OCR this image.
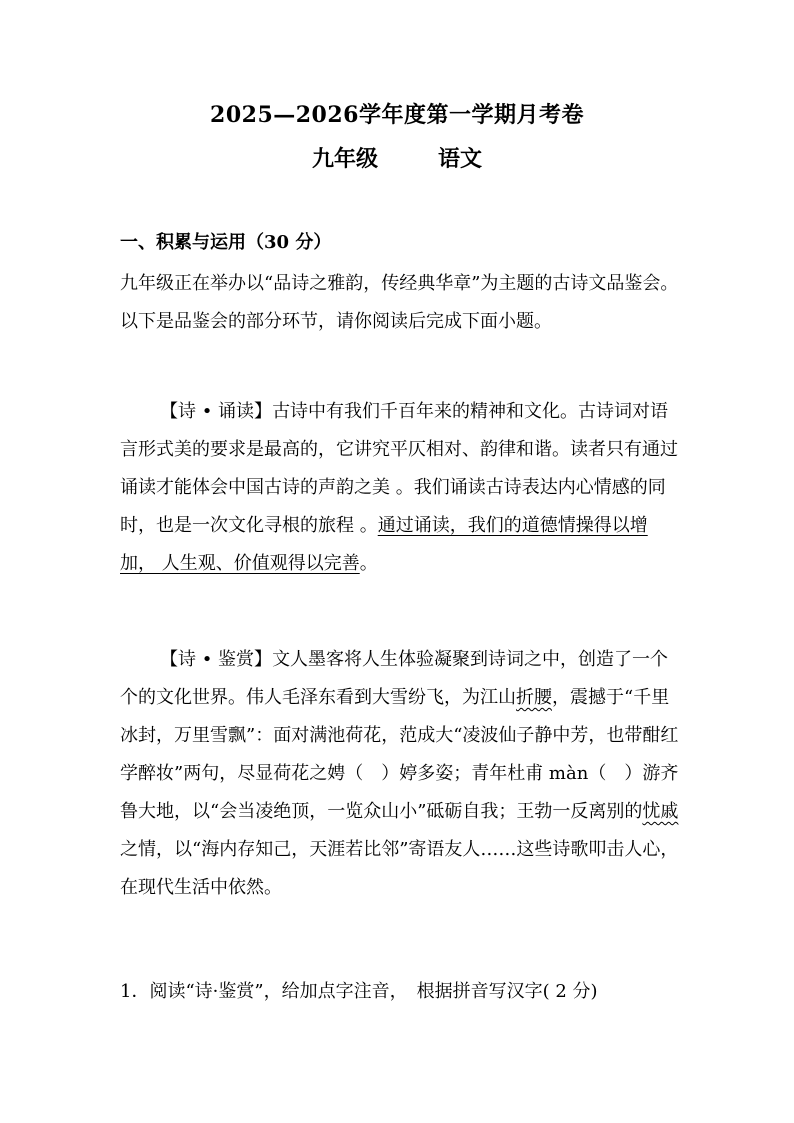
2025—2026学年度第一学期月考卷
九年级	语文
一、积累与运用（30 分）
九年级正在举办以“品诗之雅韵，传经典华章”为主题的古诗文品鉴会。以下是品鉴会的部分环节，请你阅读后完成下面小题。
【诗 • 诵读】古诗中有我们千百年来的精神和文化。古诗词对语言形式美的要求是最高的，它讲究平仄相对、韵律和谐。读者只有通过诵读才能体会中国古诗的声韵之美 。我们诵读古诗表达内心情感的同时，也是一次文化寻根的旅程 。通过诵读，我们的道德情操得以增加， 人生观、价值观得以完善。
【诗 • 鉴赏】文人墨客将人生体验凝聚到诗词之中，创造了一个个的文化世界。伟人毛泽东看到大雪纷飞，为江山折腰，震撼于“千里冰封，万里雪飘”：面对满池荷花，范成大“凌波仙子静中芳，也带酣红学醉妆”两句，尽显荷花之娉（　）婷多姿；青年杜甫 màn（　）游齐鲁大地，以“会当凌绝顶，一览众山小”砥砺自我；王勃一反离别的忧戚之情，以“海内存知己，天涯若比邻”寄语友人……这些诗歌叩击人心，在现代生活中依然。
1．阅读“诗·鉴赏”，给加点字注音，　根据拼音写汉字( 2 分)
